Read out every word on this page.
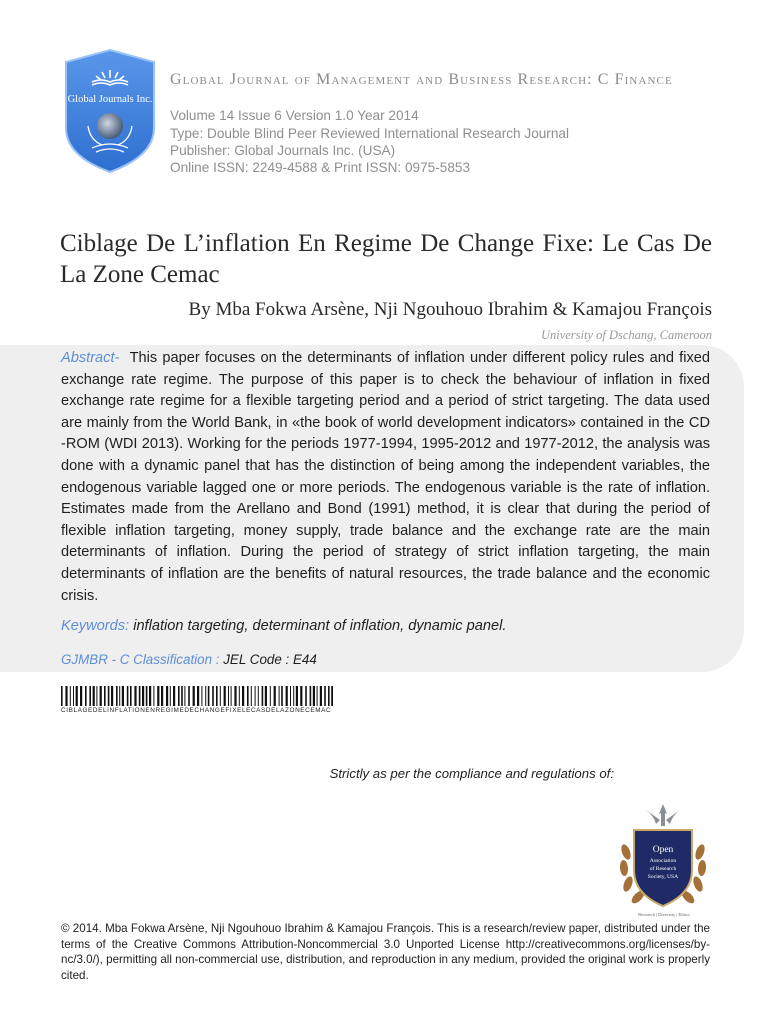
Global Journals Inc.
Global Journal of Management and Business Research: C Finance
Volume 14 Issue 6 Version 1.0 Year 2014
Type: Double Blind Peer Reviewed International Research Journal
Publisher: Global Journals Inc. (USA)
Online ISSN: 2249-4588 & Print ISSN: 0975-5853
Ciblage De L’inflation En Regime De Change Fixe: Le Cas De La Zone Cemac
By Mba Fokwa Arsène, Nji Ngouhouo Ibrahim & Kamajou François
University of Dschang, Cameroon
Abstract- This paper focuses on the determinants of inflation under different policy rules and fixed exchange rate regime. The purpose of this paper is to check the behaviour of inflation in fixed exchange rate regime for a flexible targeting period and a period of strict targeting. The data used are mainly from the World Bank, in «the book of world development indicators» contained in the CD -ROM (WDI 2013). Working for the periods 1977-1994, 1995-2012 and 1977-2012, the analysis was done with a dynamic panel that has the distinction of being among the independent variables, the endogenous variable lagged one or more periods. The endogenous variable is the rate of inflation. Estimates made from the Arellano and Bond (1991) method, it is clear that during the period of flexible inflation targeting, money supply, trade balance and the exchange rate are the main determinants of inflation. During the period of strategy of strict inflation targeting, the main determinants of inflation are the benefits of natural resources, the trade balance and the economic crisis.
Keywords: inflation targeting, determinant of inflation, dynamic panel.
GJMBR - C Classification : JEL Code : E44
CIBLAGEDELINFLATIONENREGIMEDECHANGEFIXELECASDELAZONECEMAC
Strictly as per the compliance and regulations of:
Open
Association
of Research
Society, USA
Research | Diversity | Ethics
© 2014. Mba Fokwa Arsène, Nji Ngouhouo Ibrahim & Kamajou François. This is a research/review paper, distributed under the terms of the Creative Commons Attribution-Noncommercial 3.0 Unported License http://creativecommons.org/licenses/by-nc/3.0/), permitting all non-commercial use, distribution, and reproduction in any medium, provided the original work is properly cited.
